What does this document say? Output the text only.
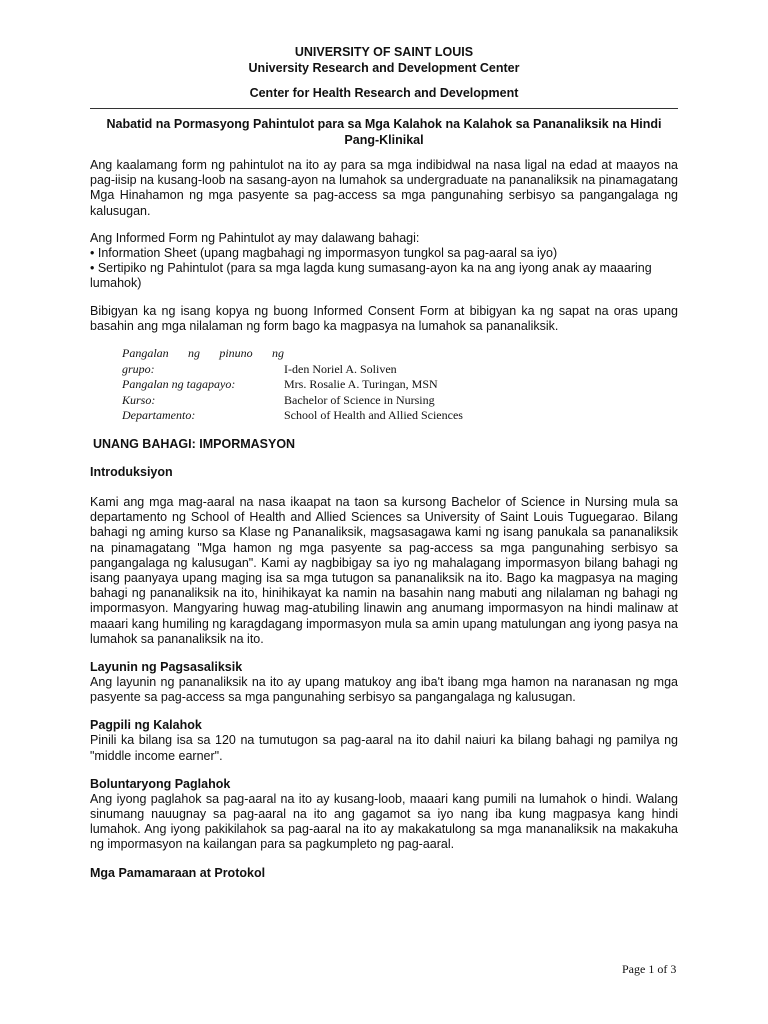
UNIVERSITY OF SAINT LOUIS
University Research and Development Center
Center for Health Research and Development
Nabatid na Pormasyong Pahintulot para sa Mga Kalahok na Kalahok sa Pananaliksik na Hindi Pang-Klinikal

Ang kaalamang form ng pahintulot na ito ay para sa mga indibidwal na nasa ligal na edad at maayos na pag-iisip na kusang-loob na sasang-ayon na lumahok sa undergraduate na pananaliksik na pinamagatang Mga Hinahamon ng mga pasyente sa pag-access sa mga pangunahing serbisyo sa pangangalaga ng kalusugan.

Ang Informed Form ng Pahintulot ay may dalawang bahagi:

• Information Sheet (upang magbahagi ng impormasyon tungkol sa pag-aaral sa iyo)

• Sertipiko ng Pahintulot (para sa mga lagda kung sumasang-ayon ka na ang iyong anak ay maaaring lumahok)

Bibigyan ka ng isang kopya ng buong Informed Consent Form at bibigyan ka ng sapat na oras upang basahin ang mga nilalaman ng form bago ka magpasya na lumahok sa pananaliksik.

Pangalan ng pinuno ng
grupo:	I-den Noriel A. Soliven
Pangalan ng tagapayo:	Mrs. Rosalie A. Turingan, MSN
Kurso:	Bachelor of Science in Nursing
Departamento:	School of Health and Allied Sciences

UNANG BAHAGI: IMPORMASYON

Introduksiyon

Kami ang mga mag-aaral na nasa ikaapat na taon sa kursong Bachelor of Science in Nursing mula sa departamento ng School of Health and Allied Sciences sa University of Saint Louis Tuguegarao. Bilang bahagi ng aming kurso sa Klase ng Pananaliksik, magsasagawa kami ng isang panukala sa pananaliksik na pinamagatang "Mga hamon ng mga pasyente sa pag-access sa mga pangunahing serbisyo sa pangangalaga ng kalusugan". Kami ay nagbibigay sa iyo ng mahalagang impormasyon bilang bahagi ng isang paanyaya upang maging isa sa mga tutugon sa pananaliksik na ito. Bago ka magpasya na maging bahagi ng pananaliksik na ito, hinihikayat ka namin na basahin nang mabuti ang nilalaman ng bahagi ng impormasyon. Mangyaring huwag mag-atubiling linawin ang anumang impormasyon na hindi malinaw at maaari kang humiling ng karagdagang impormasyon mula sa amin upang matulungan ang iyong pasya na lumahok sa pananaliksik na ito.

Layunin ng Pagsasaliksik

Ang layunin ng pananaliksik na ito ay upang matukoy ang iba't ibang mga hamon na naranasan ng mga pasyente sa pag-access sa mga pangunahing serbisyo sa pangangalaga ng kalusugan.

Pagpili ng Kalahok

Pinili ka bilang isa sa 120 na tumutugon sa pag-aaral na ito dahil naiuri ka bilang bahagi ng pamilya ng "middle income earner".

Boluntaryong Paglahok

Ang iyong paglahok sa pag-aaral na ito ay kusang-loob, maaari kang pumili na lumahok o hindi. Walang sinumang nauugnay sa pag-aaral na ito ang gagamot sa iyo nang iba kung magpasya kang hindi lumahok. Ang iyong pakikilahok sa pag-aaral na ito ay makakatulong sa mga mananaliksik na makakuha ng impormasyon na kailangan para sa pagkumpleto ng pag-aaral.

Mga Pamamaraan at Protokol

Page 1 of 3
